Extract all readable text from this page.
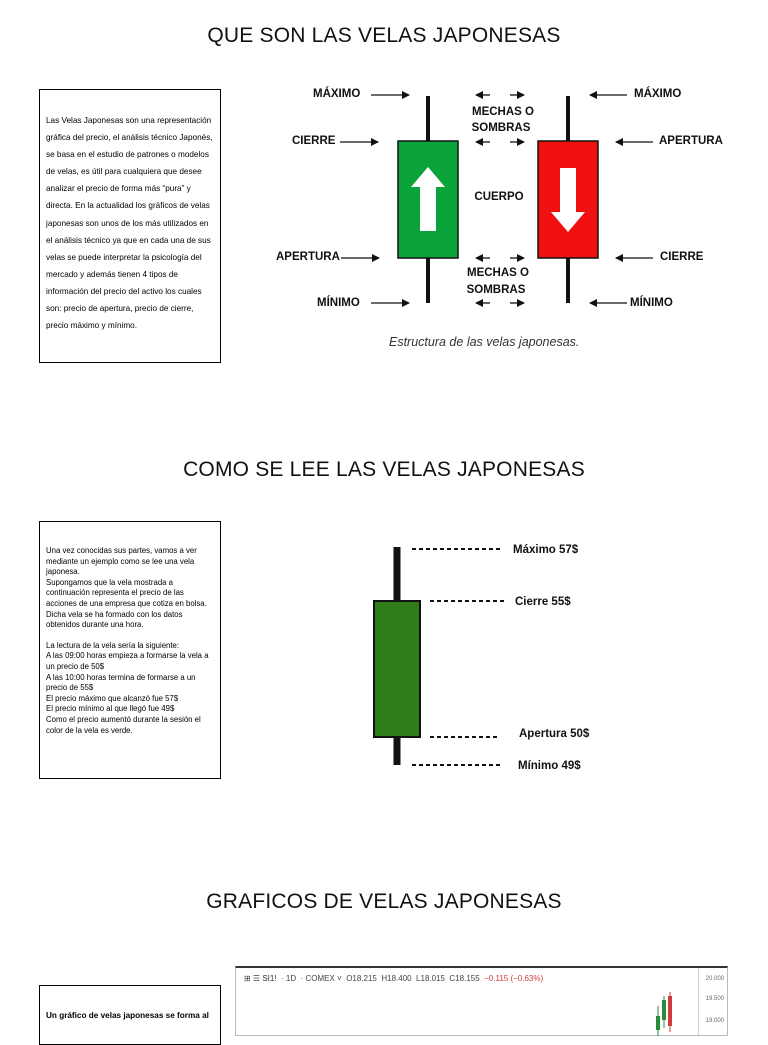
QUE SON LAS VELAS JAPONESAS
Las Velas Japonesas son una representación gráfica del precio, el análisis técnico Japonés, se basa en el estudio de patrones o modelos de velas, es útil para cualquiera que desee analizar el precio de forma más “pura” y directa. En la actualidad los gráficos de velas japonesas son unos de los más utilizados en el análisis técnico ya que en cada una de sus velas se puede interpretar la psicología del mercado y además tienen 4 tipos de información del precio del activo los cuales son: precio de apertura, precio de cierre, precio máximo y mínimo.
MÁXIMO
CIERRE
APERTURA
MÍNIMO
MÁXIMO
APERTURA
CIERRE
MÍNIMO
MECHAS O
SOMBRAS
CUERPO
MECHAS O
SOMBRAS
Estructura de las velas japonesas.
COMO SE LEE LAS VELAS JAPONESAS

Una vez conocidas sus partes, vamos a ver mediante un ejemplo como se lee una vela japonesa.

Supongamos que la vela mostrada a continuación representa el precio de las acciones de una empresa que cotiza en bolsa. Dicha vela se ha formado con los datos obtenidos durante una hora.

La lectura de la vela sería la siguiente:

A las 09:00 horas empieza a formarse la vela a un precio de 50$

A las 10:00 horas termina de formarse a un precio de 55$

El precio máximo que alcanzó fue 57$

El precio mínimo al que llegó fue 49$

Como el precio aumentó durante la sesión el color de la vela es verde.

Máximo 57$
Cierre 55$
Apertura 50$
Mínimo 49$
GRAFICOS DE VELAS JAPONESAS
Un gráfico de velas japonesas se forma al
⊞ ☰ SI1!  · 1D  · COMEX ˅  O18.215 H18.400 L18.015 C18.155 −0.115 (−0.63%)	20.000
19.500
19.000
